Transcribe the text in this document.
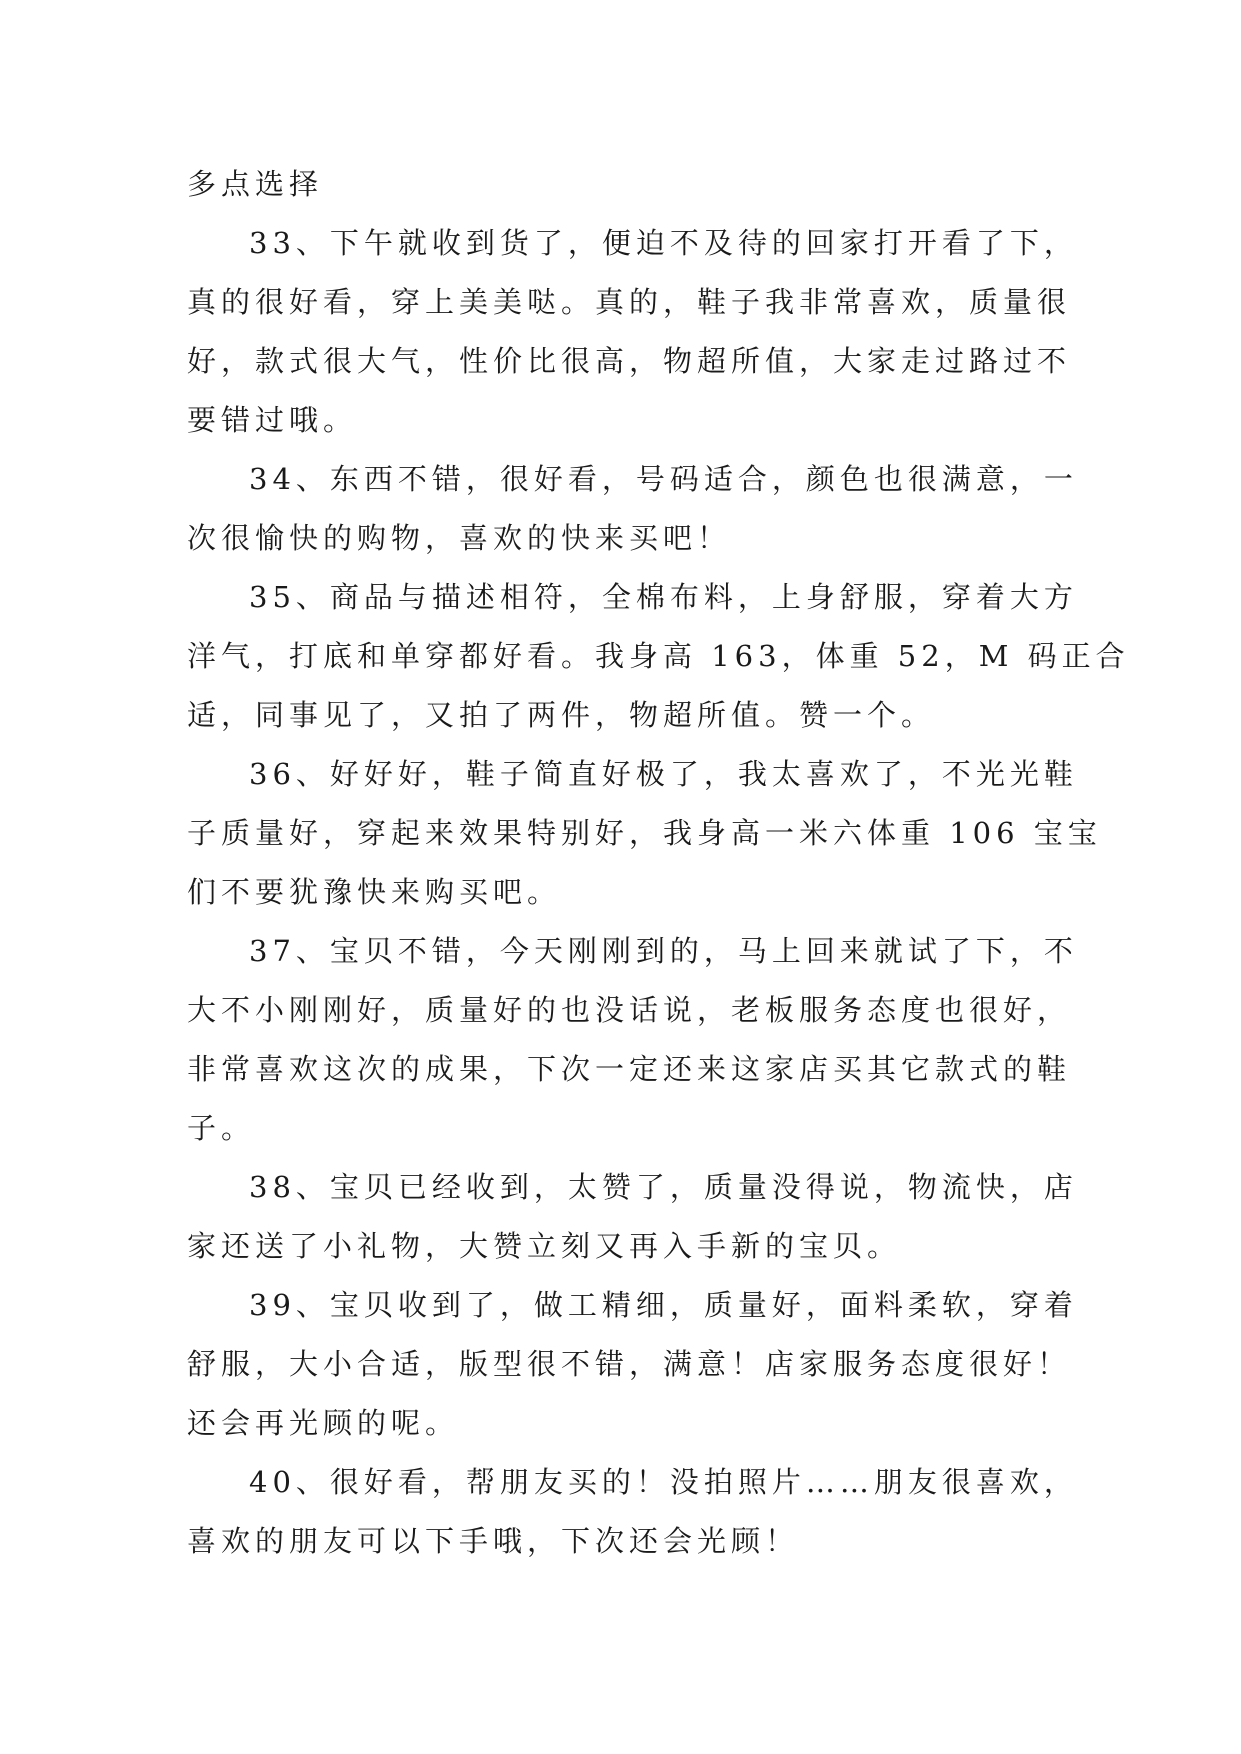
多点选择
33、下午就收到货了，便迫不及待的回家打开看了下，
真的很好看，穿上美美哒。真的，鞋子我非常喜欢，质量很
好，款式很大气，性价比很高，物超所值，大家走过路过不
要错过哦。
34、东西不错，很好看，号码适合，颜色也很满意，一
次很愉快的购物，喜欢的快来买吧！
35、商品与描述相符，全棉布料，上身舒服，穿着大方
洋气，打底和单穿都好看。我身高 163，体重 52，M 码正合
适，同事见了，又拍了两件，物超所值。赞一个。
36、好好好，鞋子简直好极了，我太喜欢了，不光光鞋
子质量好，穿起来效果特别好，我身高一米六体重 106 宝宝
们不要犹豫快来购买吧。
37、宝贝不错，今天刚刚到的，马上回来就试了下，不
大不小刚刚好，质量好的也没话说，老板服务态度也很好，
非常喜欢这次的成果，下次一定还来这家店买其它款式的鞋
子。
38、宝贝已经收到，太赞了，质量没得说，物流快，店
家还送了小礼物，大赞立刻又再入手新的宝贝。
39、宝贝收到了，做工精细，质量好，面料柔软，穿着
舒服，大小合适，版型很不错，满意！店家服务态度很好！
还会再光顾的呢。
40、很好看，帮朋友买的！没拍照片……朋友很喜欢，
喜欢的朋友可以下手哦，下次还会光顾！
